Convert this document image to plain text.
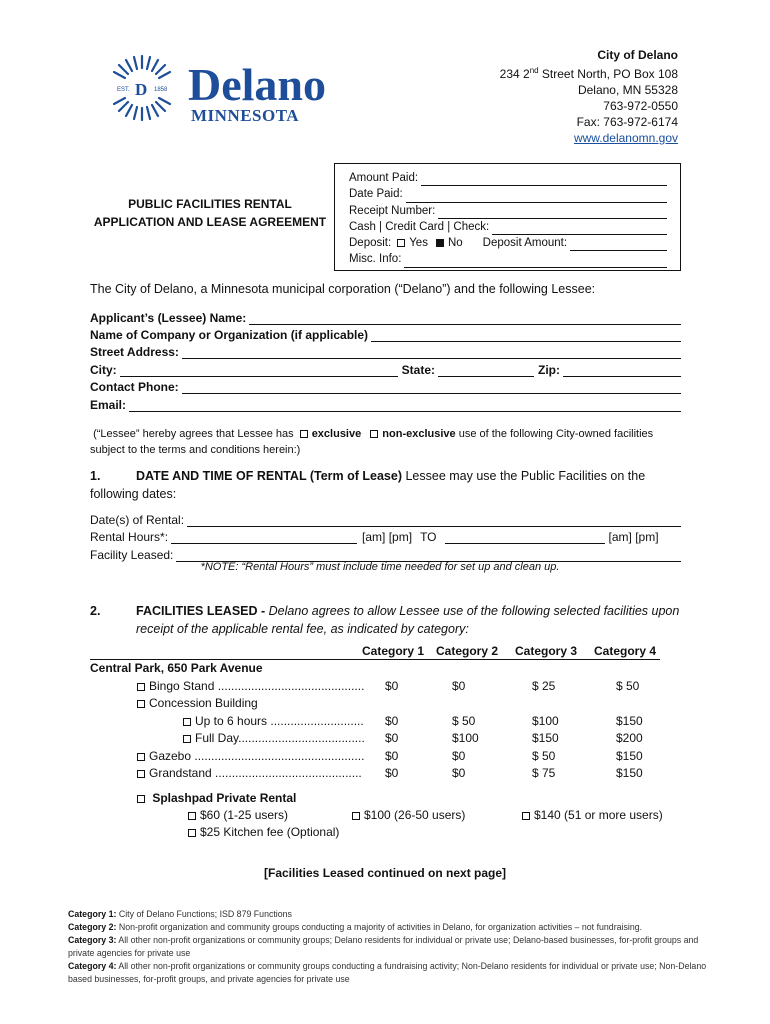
EST.	1858
D Delano
MINNESOTA
City of Delano
234 2nd Street North, PO Box 108
Delano, MN 55328
763-972-0550
Fax: 763-972-6174
www.delanomn.gov
Amount Paid:
Date Paid:
Receipt Number:
Cash | Credit Card | Check:
Deposit:	Yes	No Deposit Amount:
Misc. Info:
PUBLIC FACILITIES RENTAL
APPLICATION AND LEASE AGREEMENT
The City of Delano, a Minnesota municipal corporation (“Delano”) and the following Lessee:
Applicant’s (Lessee) Name:
Name of Company or Organization (if applicable)
Street Address:
City:	State:	Zip:
Contact Phone:
Email:
(“Lessee” hereby agrees that Lessee has exclusive non-exclusive use of the following City-owned facilities
subject to the terms and conditions herein:)
1.	DATE AND TIME OF RENTAL (Term of Lease) Lessee may use the Public Facilities on the
following dates:
Date(s) of Rental:
Rental Hours*:	[am] [pm] TO	[am] [pm]
Facility Leased:
*NOTE: “Rental Hours” must include time needed for set up and clean up.
2.	FACILITIES LEASED - Delano agrees to allow Lessee use of the following selected facilities upon
receipt of the applicable rental fee, as indicated by category:
Category 1 Category 2 Category 3 Category 4
Central Park, 650 Park Avenue
Bingo Stand ............................................ $0	$0	$ 25	$ 50
Concession Building
Up to 6 hours ............................ $0	$ 50	$100	$150
Full Day...................................... $0	$100	$150	$200
Gazebo ................................................... $0	$0	$ 50	$150
Grandstand ............................................ $0	$0	$ 75	$150
Splashpad Private Rental
$60 (1-25 users)	$100 (26-50 users)	$140 (51 or more users)
$25 Kitchen fee (Optional)
[Facilities Leased continued on next page]
Category 1: City of Delano Functions; ISD 879 Functions
Category 2: Non-profit organization and community groups conducting a majority of activities in Delano, for organization activities – not fundraising.
Category 3: All other non-profit organizations or community groups; Delano residents for individual or private use; Delano-based businesses, for-profit groups and private agencies for private use
Category 4: All other non-profit organizations or community groups conducting a fundraising activity; Non-Delano residents for individual or private use; Non-Delano based businesses, for-profit groups, and private agencies for private use
